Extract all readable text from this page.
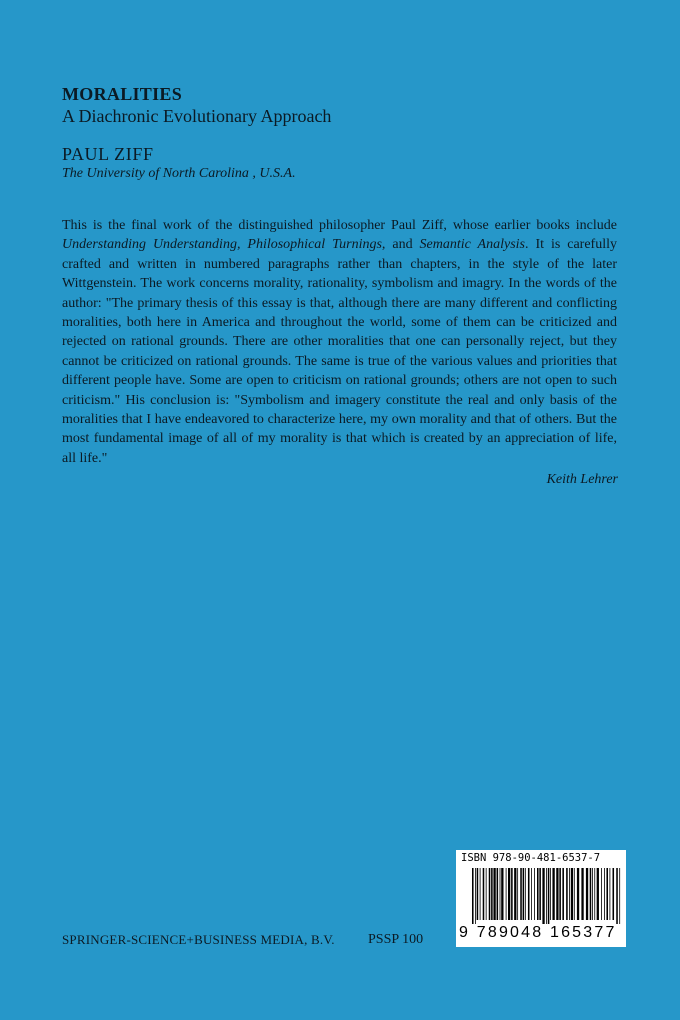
MORALITIES
A Diachronic Evolutionary Approach
PAUL ZIFF
The University of North Carolina , U.S.A.

This is the final work of the distinguished philosopher Paul Ziff, whose earlier books include Understanding Understanding, Philosophical Turnings, and Semantic Analysis. It is carefully crafted and written in numbered paragraphs rather than chapters, in the style of the later Wittgenstein. The work concerns morality, rationality, symbolism and imagry. In the words of the author: "The primary thesis of this essay is that, although there are many different and conflicting moralities, both here in America and throughout the world, some of them can be criticized and rejected on rational grounds. There are other moralities that one can personally reject, but they cannot be criticized on rational grounds. The same is true of the various values and priorities that different people have. Some are open to criticism on rational grounds; others are not open to such criticism." His conclusion is: "Symbolism and imagery constitute the real and only basis of the moralities that I have endeavored to characterize here, my own morality and that of others. But the most fundamental image of all of my morality is that which is created by an appreciation of life, all life."

Keith Lehrer
SPRINGER-SCIENCE+BUSINESS MEDIA, B.V. PSSP 100
ISBN 978-90-481-6537-7
9 789048 165377
